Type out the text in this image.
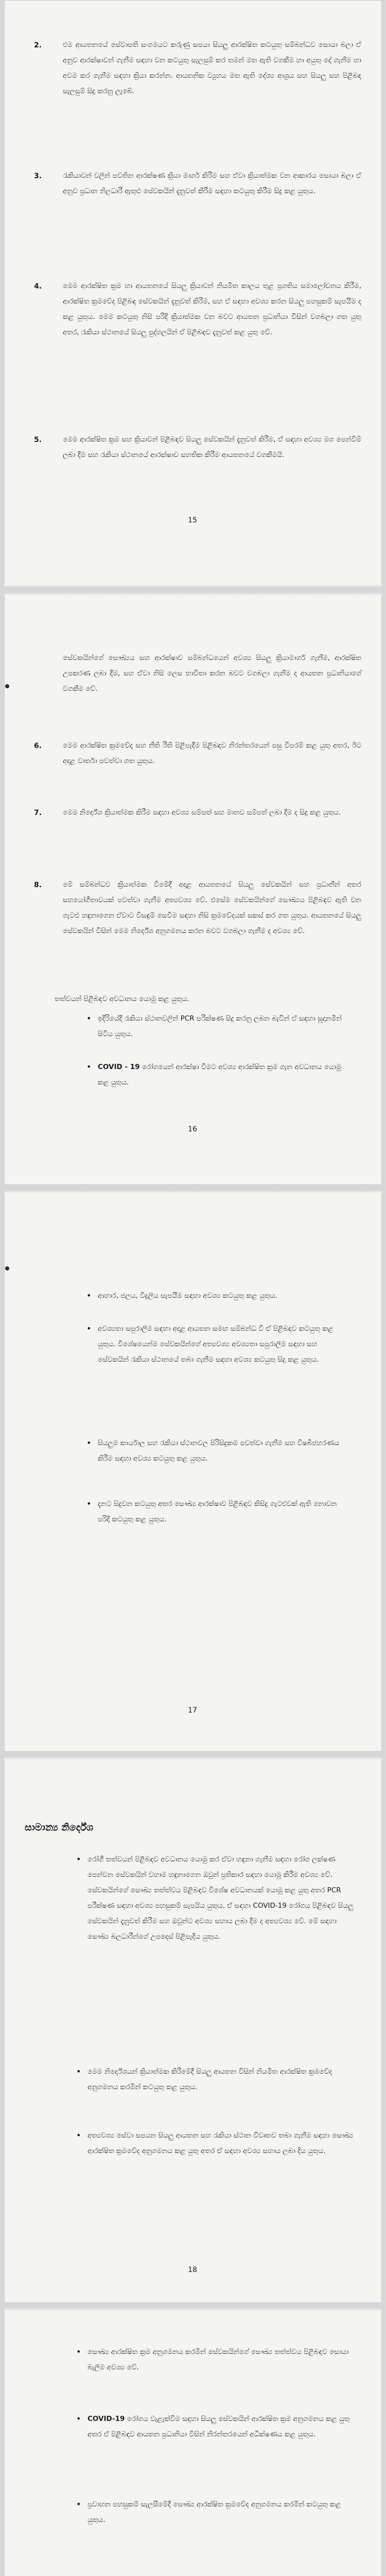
2.	එම ආයතනයේ සේවාපති සංගමයට කරුණු සපයා සියලු ආරක්ෂිත කටයුතු සම්බන්ධව සොයා බලා ඒ අනුව ආරක්ෂාවන් ගැනීම සඳහා වන කටයුතු සැලසුම් කර තමන් මත ඇති වගකීම හා අයුතු දේ ගැනීම හා අවම කර ගැනීම සඳහා ක්‍රියා කරන්න. ආයතනික ව්‍යුහය මත ඇති දේශ්‍ය ආශ්‍රය සහ සියලු සහ පිළිබඳ සැලසුම් සිදු කරනු ලැබේ.
3.	රැකියාවන් වලින් පවතින ආරක්ෂණ ක්‍රියා මාර්ග කිරීම සහ ඒවා ක්‍රියාත්මක වන ආකාරය සොයා බලා ඒ අනුව ප්‍රධාන නිලධාරී ඇතුළු සේවකයින් දැනුවත් කිරීම සඳහා කටයුතු කිරීම සිදු කළ යුතුය.
4.	මෙම ආරක්ෂිත ක්‍රම හා ආයතනයේ සියලු ක්‍රියාවන් නියමිත කාලය තුළ ප්‍රගතිය සමාලෝචනය කිරීම, ආරක්ෂිත ක්‍රමවේද පිළිබඳ සේවකයින් දැනුවත් කිරීම, සහ ඒ සඳහා අවශ්‍ය කරන සියලු පහසුකම් සැපයීම ද කළ යුතුය. මෙම කටයුතු නිසි පරිදි ක්‍රියාත්මක වන බවට ආයතන ප්‍රධානියා විසින් වගබලා ගත යුතු අතර, රැකියා ස්ථානයේ සියලු පුද්ගලයින් ඒ පිළිබඳව දැනුවත් කළ යුතු වේ.
5.	මෙම ආරක්ෂිත ක්‍රම සහ ක්‍රියාවන් පිළිබඳව සියලු සේවකයින් දැනුවත් කිරීම, ඒ සඳහා අවශ්‍ය මග පෙන්වීම් ලබා දීම සහ රැකියා ස්ථානයේ ආරක්ෂාව සහතික කිරීම ආයතනයේ වගකීමයි.
15
සේවකයින්ගේ සෞඛ්‍යය සහ ආරක්ෂාව සම්බන්ධයෙන් අවශ්‍ය සියලු ක්‍රියාමාර්ග ගැනීම, ආරක්ෂිත උපකරණ ලබා දීම, සහ ඒවා නිසි ලෙස භාවිතා කරන බවට වගබලා ගැනීම ද ආයතන ප්‍රධානියාගේ වගකීම වේ.
6.	මෙම ආරක්ෂිත ක්‍රමවේද සහ නීති රීති පිළිපැදීම පිළිබඳව නිරන්තරයෙන් පසු විපරම් කළ යුතු අතර, ඊට අදාළ වාර්තා පවත්වා ගත යුතුය.
7.	මෙම නිර්දේශ ක්‍රියාත්මක කිරීම සඳහා අවශ්‍ය සම්පත් සහ මානව සම්පත් ලබා දීම ද සිදු කළ යුතුය.
8.	මේ සම්බන්ධව ක්‍රියාත්මක වීමේදී අදාළ ආයතනයේ සියලු සේවකයින් සහ ප්‍රධානීන් අතර සහයෝගීතාවයක් පවත්වා ගැනීම අත්‍යවශ්‍ය වේ. එසේම සේවකයින්ගේ සෞඛ්‍යය පිළිබඳව ඇති වන ගැටළු හඳුනාගෙන ඒවාට විසඳුම් සෙවීම සඳහා නිසි ක්‍රමවේදයක් සකස් කර ගත යුතුය. ආයතනයේ සියලු සේවකයින් විසින් මෙම නිර්දේශ අනුගමනය කරන බවට වගබලා ගැනීම ද අවශ්‍ය වේ.
තත්වයන් පිළිබඳව අවධානය යොමු කළ යුතුය.
• ඉදිරියේදී රැකියා ස්ථානවලින් PCR පරීක්ෂණ සිදු කරනු ලබන බැවින් ඒ සඳහා සූදානමින් සිටිය යුතුය.
• COVID - 19 රෝගයෙන් ආරක්ෂා වීමට අවශ්‍ය ආරක්ෂිත ක්‍රම ගැන අවධානය යොමු කළ යුතුය.
16
• ආහාර, ජලය, විදුලිය සැපයීම සඳහා අවශ්‍ය කටයුතු කළ යුතුය.
• අවශ්‍යතා සපුරාලීම සඳහා අදාළ ආයතන සමඟ සම්බන්ධ වී ඒ පිළිබඳව කටයුතු කළ යුතුය. විශේෂයෙන්ම සේවකයින්ගේ අත්‍යවශ්‍ය අවශ්‍යතා සපුරාලීම සඳහා සහ සේවකයින් රැකියා ස්ථානයේ තබා ගැනීම සඳහා අවශ්‍ය කටයුතු සිදු කළ යුතුය.
• සියලුම කාර්යාල සහ රැකියා ස්ථානවල පිරිසිදුකම පවත්වා ගැනීම සහ විෂබීජහරණය කිරීම සඳහා අවශ්‍ය කටයුතු කළ යුතුය.
• දැනට සිදුවන කටයුතු අතර සෞඛ්‍ය ආරක්ෂාව පිළිබඳව කිසිදු ගැටළුවක් ඇති නොවන පරිදි කටයුතු කළ යුතුය.
17
සාමාන්‍ය නිර්දේශ
• රෝගී තත්වයන් පිළිබඳව අවධානය යොමු කර ඒවා හඳුනා ගැනීම සඳහා රෝග ලක්ෂණ පෙන්වන සේවකයින් වහාම හඳුනාගෙන ඔවුන් ප්‍රතිකාර සඳහා යොමු කිරීම අවශ්‍ය වේ. සේවකයින්ගේ සෞඛ්‍ය තත්ත්වය පිළිබඳව විශේෂ අවධානයක් යොමු කළ යුතු අතර PCR පරීක්ෂණ සඳහා අවශ්‍ය පහසුකම් සැපයිය යුතුය. ඒ සඳහා COVID-19 රෝගය පිළිබඳව සියලු සේවකයින් දැනුවත් කිරීම සහ ඔවුන්ට අවශ්‍ය සහාය ලබා දීම ද අත්‍යවශ්‍ය වේ. මේ සඳහා සෞඛ්‍ය බලධාරීන්ගේ උපදෙස් පිළිපැදිය යුතුය.
• මෙම නිර්දේශයන් ක්‍රියාත්මක කිරීමේදී සියලු ආයතන විසින් නියමිත ආරක්ෂිත ක්‍රමවේද අනුගමනය කරමින් කටයුතු කළ යුතුය.
• අත්‍යවශ්‍ය සේවා සපයන සියලු ආයතන සහ රැකියා ස්ථාන විවෘතව තබා ගැනීම සඳහා සෞඛ්‍ය ආරක්ෂිත ක්‍රමවේද අනුගමනය කළ යුතු අතර ඒ සඳහා අවශ්‍ය සහාය ලබා දිය යුතුය.
18
• සෞඛ්‍ය ආරක්ෂිත ක්‍රම අනුගමනය කරමින් සේවකයින්ගේ සෞඛ්‍ය තත්ත්වය පිළිබඳව සොයා බැලීම අවශ්‍ය වේ.
• COVID-19 රෝගය වැළැක්වීම සඳහා සියලු සේවකයින් ආරක්ෂිත ක්‍රම අනුගමනය කළ යුතු අතර ඒ පිළිබඳව ආයතන ප්‍රධානියා විසින් නිරන්තරයෙන් අධීක්ෂණය කළ යුතුය.
• ප්‍රවාහන පහසුකම් සැලසීමේදී සෞඛ්‍ය ආරක්ෂිත ක්‍රමවේද අනුගමනය කරමින් කටයුතු කළ යුතුය.
